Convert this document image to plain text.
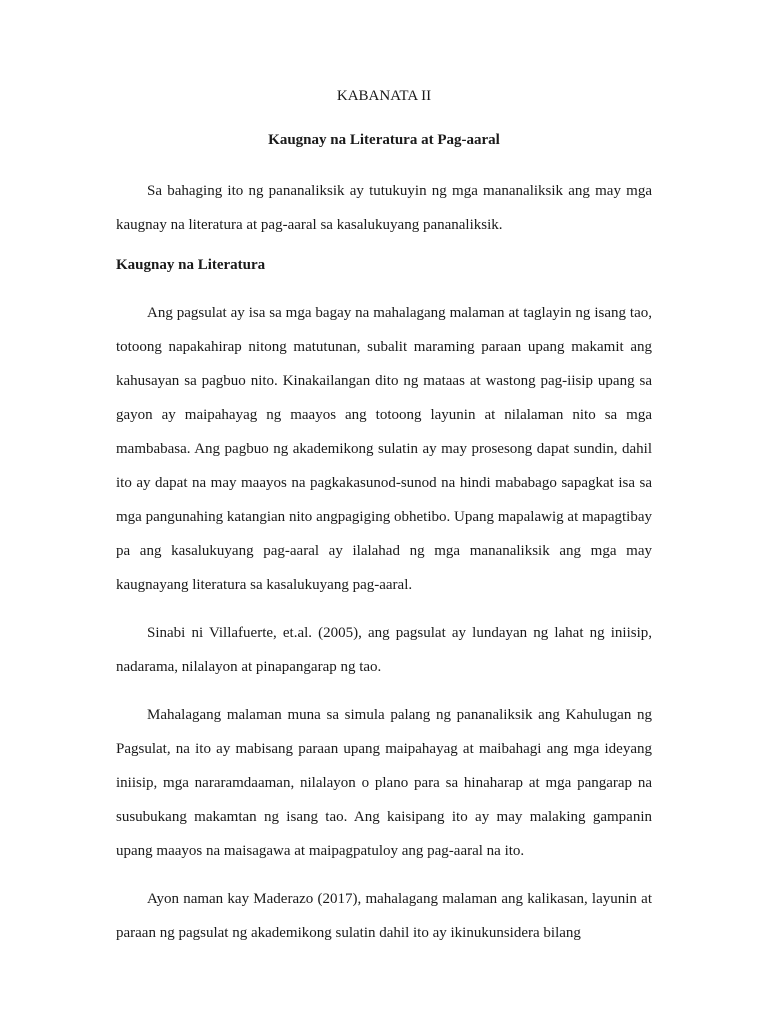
KABANATA II
Kaugnay na Literatura at Pag-aaral

Sa bahaging ito ng pananaliksik ay tutukuyin ng mga mananaliksik ang may mga kaugnay na literatura at pag-aaral sa kasalukuyang pananaliksik.

Kaugnay na Literatura

Ang pagsulat ay isa sa mga bagay na mahalagang malaman at taglayin ng isang tao, totoong napakahirap nitong matutunan, subalit maraming paraan upang makamit ang kahusayan sa pagbuo nito. Kinakailangan dito ng mataas at wastong pag-iisip upang sa gayon ay maipahayag ng maayos ang totoong layunin at nilalaman nito sa mga mambabasa. Ang pagbuo ng akademikong sulatin ay may prosesong dapat sundin, dahil ito ay dapat na may maayos na pagkakasunod-sunod na hindi mababago sapagkat isa sa mga pangunahing katangian nito angpagiging obhetibo. Upang mapalawig at mapagtibay pa ang kasalukuyang pag-aaral ay ilalahad ng mga mananaliksik ang mga may kaugnayang literatura sa kasalukuyang pag-aaral.

Sinabi ni Villafuerte, et.al. (2005), ang pagsulat ay lundayan ng lahat ng iniisip, nadarama, nilalayon at pinapangarap ng tao.

Mahalagang malaman muna sa simula palang ng pananaliksik ang Kahulugan ng Pagsulat, na ito ay mabisang paraan upang maipahayag at maibahagi ang mga ideyang iniisip, mga nararamdaaman, nilalayon o plano para sa hinaharap at mga pangarap na susubukang makamtan ng isang tao. Ang kaisipang ito ay may malaking gampanin upang maayos na maisagawa at maipagpatuloy ang pag-aaral na ito.

Ayon naman kay Maderazo (2017), mahalagang malaman ang kalikasan, layunin at paraan ng pagsulat ng akademikong sulatin dahil ito ay ikinukunsidera bilang
